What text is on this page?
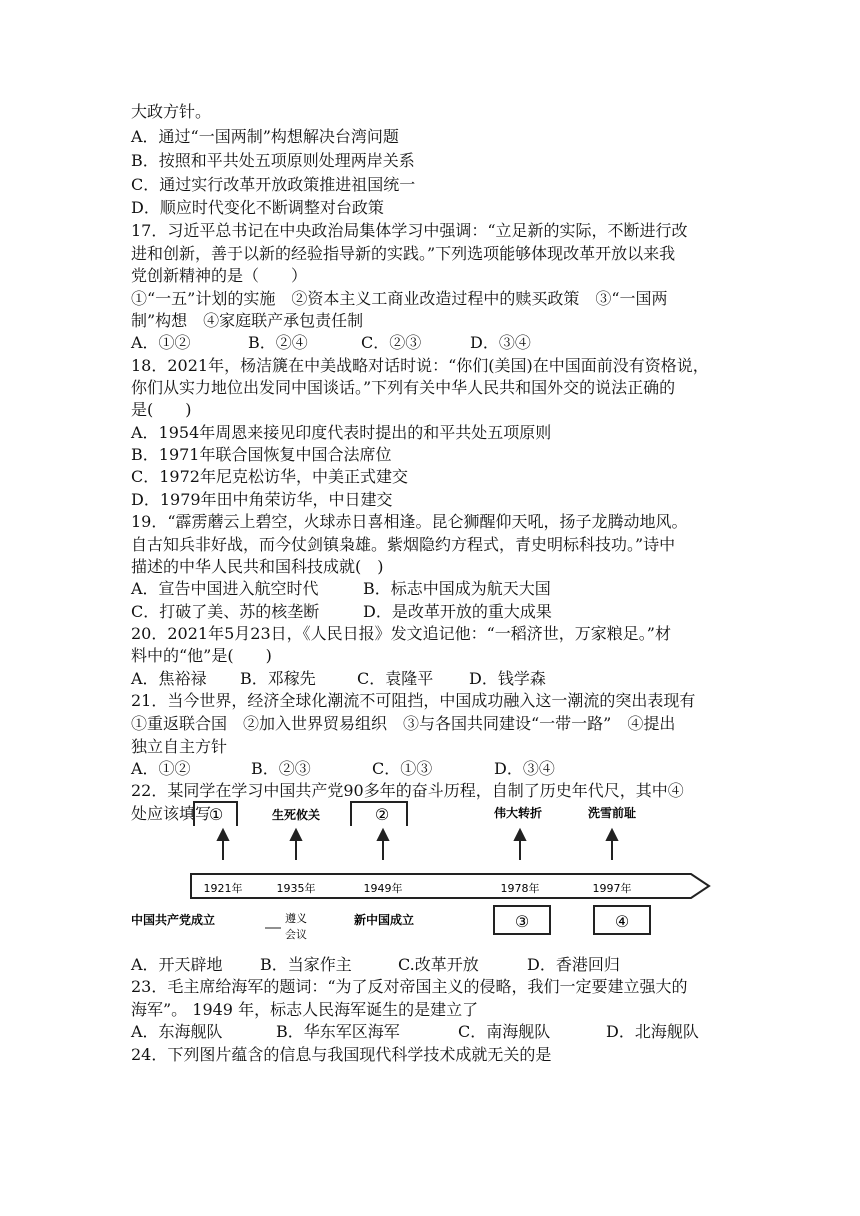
大政方针。
A．通过“一国两制”构想解决台湾问题
B．按照和平共处五项原则处理两岸关系
C．通过实行改革开放政策推进祖国统一
D．顺应时代变化不断调整对台政策
17．习近平总书记在中央政治局集体学习中强调：“立足新的实际，不断进行改
进和创新，善于以新的经验指导新的实践。”下列选项能够体现改革开放以来我
党创新精神的是（　　）
①“一五”计划的实施　②资本主义工商业改造过程中的赎买政策　③“一国两
制”构想　④家庭联产承包责任制
A．①②	B．②④	C．②③	D．③④
18．2021年，杨洁篪在中美战略对话时说：“你们(美国)在中国面前没有资格说，
你们从实力地位出发同中国谈话。”下列有关中华人民共和国外交的说法正确的
是(　　)
A．1954年周恩来接见印度代表时提出的和平共处五项原则
B．1971年联合国恢复中国合法席位
C．1972年尼克松访华，中美正式建交
D．1979年田中角荣访华，中日建交
19．“霹雳蘑云上碧空，火球赤日喜相逢。昆仑狮醒仰天吼，扬子龙腾动地风。
自古知兵非好战，而今仗剑镇枭雄。紫烟隐约方程式，青史明标科技功。”诗中
描述的中华人民共和国科技成就(　)
A．宣告中国进入航空时代	B．标志中国成为航天大国
C．打破了美、苏的核垄断	D．是改革开放的重大成果
20．2021年5月23日，《人民日报》发文追记他：“一稻济世，万家粮足。”材
料中的“他”是(　　)
A．焦裕禄 B．邓稼先	C．袁隆平 D．钱学森
21．当今世界，经济全球化潮流不可阻挡，中国成功融入这一潮流的突出表现有
①重返联合国　②加入世界贸易组织　③与各国共同建设“一带一路”　④提出
独立自主方针
A．①②	B．②③	C．①③	D．③④
22．某同学在学习中国共产党90多年的奋斗历程，自制了历史年代尺，其中④
处应该填写
①	生死攸关	②	伟大转折	洗雪前耻
1921年	1935年	1949年	1978年	1997年
中国共产党成立	遵义
会议
新中国成立	③	④
A．开天辟地 B．当家作主	C.改革开放	D．香港回归
23．毛主席给海军的题词：“为了反对帝国主义的侵略，我们一定要建立强大的
海军”。 1949 年，标志人民海军诞生的是建立了
A．东海舰队	B．华东军区海军	C．南海舰队	D．北海舰队
24．下列图片蕴含的信息与我国现代科学技术成就无关的是
